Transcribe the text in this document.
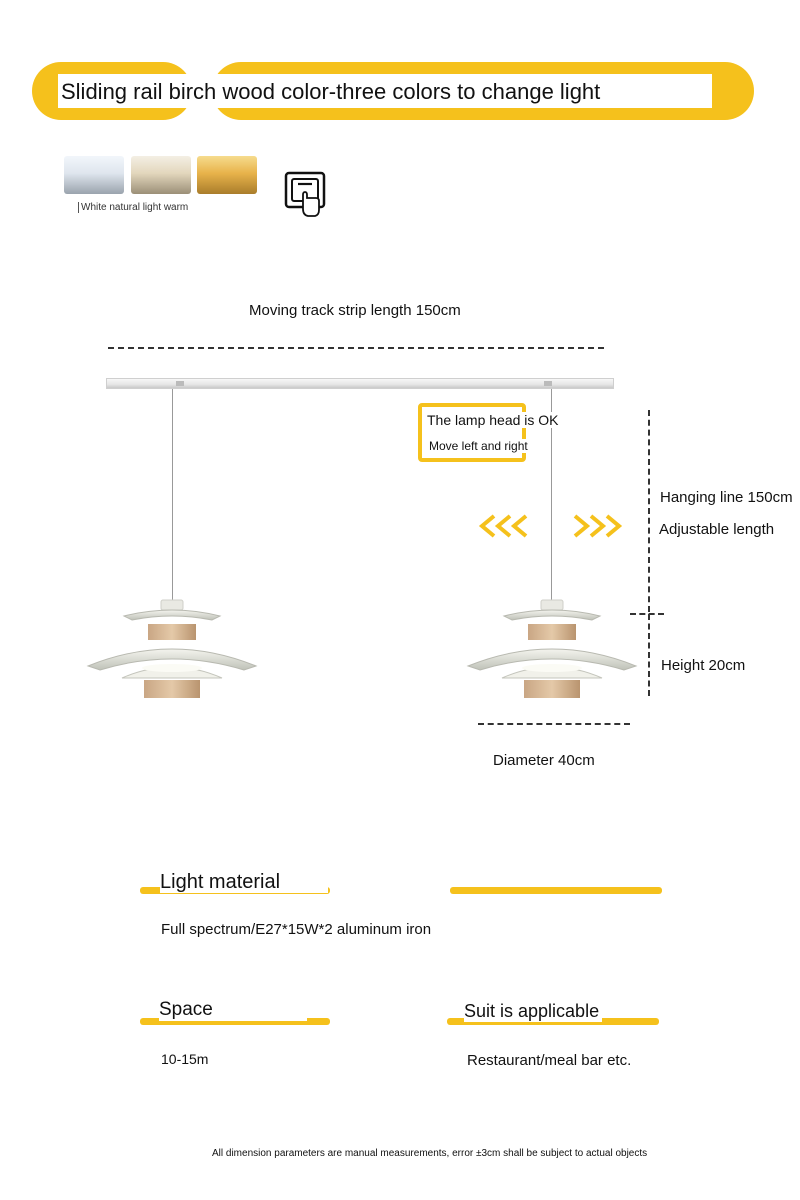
Sliding rail birch wood color-three colors to change light
White natural light warm
Moving track strip length 150cm
The lamp head is OK
Move left and right
Hanging line 150cm
Adjustable length
Height 20cm
Diameter 40cm
Light material
Full spectrum/E27*15W*2 aluminum iron
Space
10-15m
Suit is applicable
Restaurant/meal bar etc.
All dimension parameters are manual measurements, error ±3cm shall be subject to actual objects
